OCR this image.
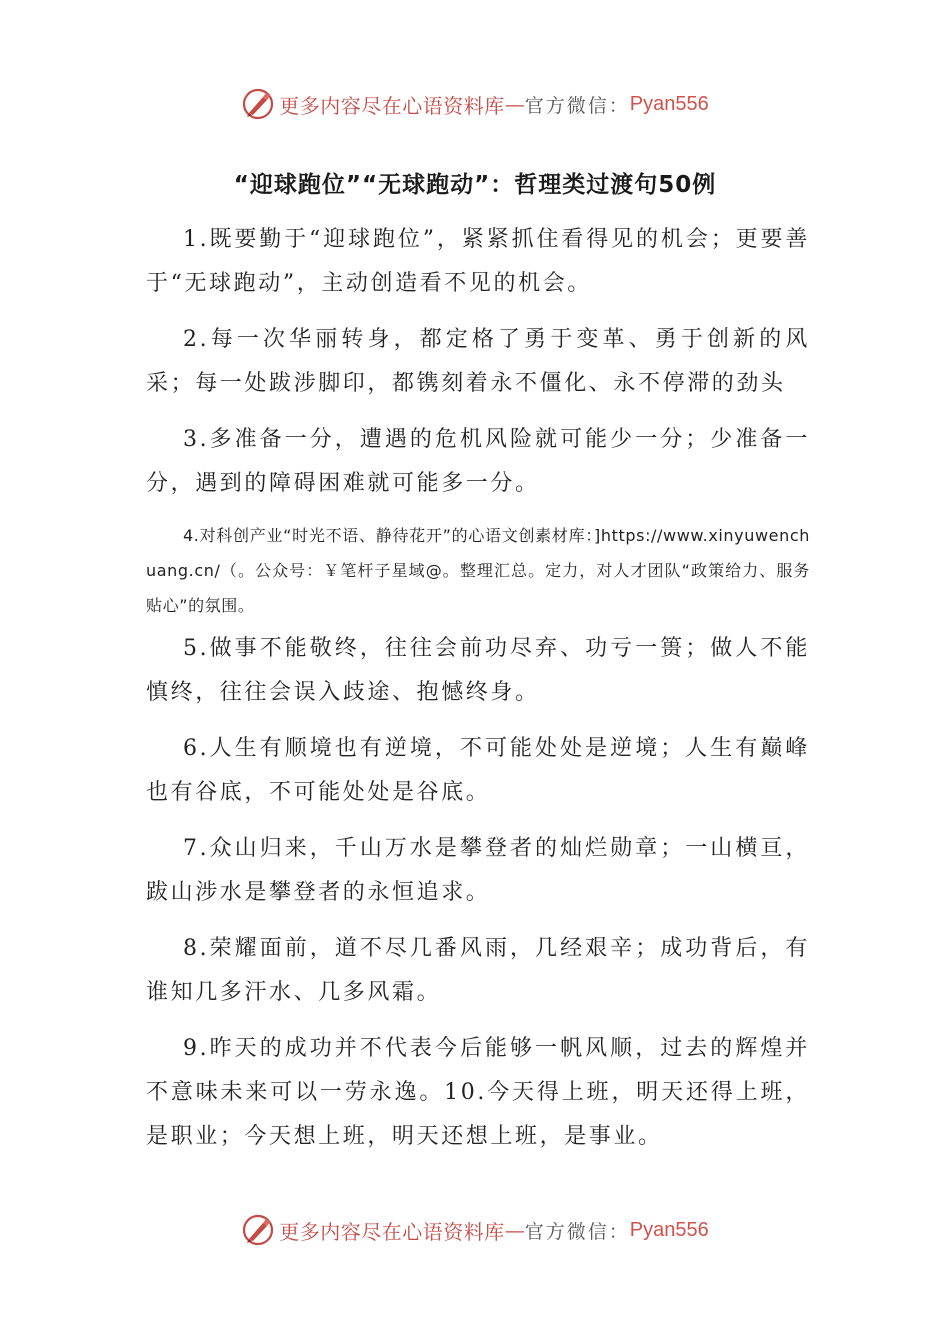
更多内容尽在心语资料库 — 官方微信： Pyan556
“迎球跑位”“无球跑动”：哲理类过渡句50例

1.既要勤于“迎球跑位”，紧紧抓住看得见的机会；更要善于“无球跑动”，主动创造看不见的机会。

2.每一次华丽转身，都定格了勇于变革、勇于创新的风采；每一处跋涉脚印，都镌刻着永不僵化、永不停滞的劲头

3.多准备一分，遭遇的危机风险就可能少一分；少准备一分，遇到的障碍困难就可能多一分。

4.对科创产业“时光不语、静待花开”的心语文创素材库：]https://www.xinyuwenchuang.cn/（。公众号：￥笔杆子星域@。整理汇总。定力，对人才团队“政策给力、服务贴心”的氛围。

5.做事不能敬终，往往会前功尽弃、功亏一篑；做人不能慎终，往往会误入歧途、抱憾终身。

6.人生有顺境也有逆境，不可能处处是逆境；人生有巅峰也有谷底，不可能处处是谷底。

7.众山归来，千山万水是攀登者的灿烂勋章；一山横亘，跋山涉水是攀登者的永恒追求。

8.荣耀面前，道不尽几番风雨，几经艰辛；成功背后，有谁知几多汗水、几多风霜。

9.昨天的成功并不代表今后能够一帆风顺，过去的辉煌并不意味未来可以一劳永逸。10.今天得上班，明天还得上班，是职业；今天想上班，明天还想上班，是事业。

更多内容尽在心语资料库 — 官方微信： Pyan556
